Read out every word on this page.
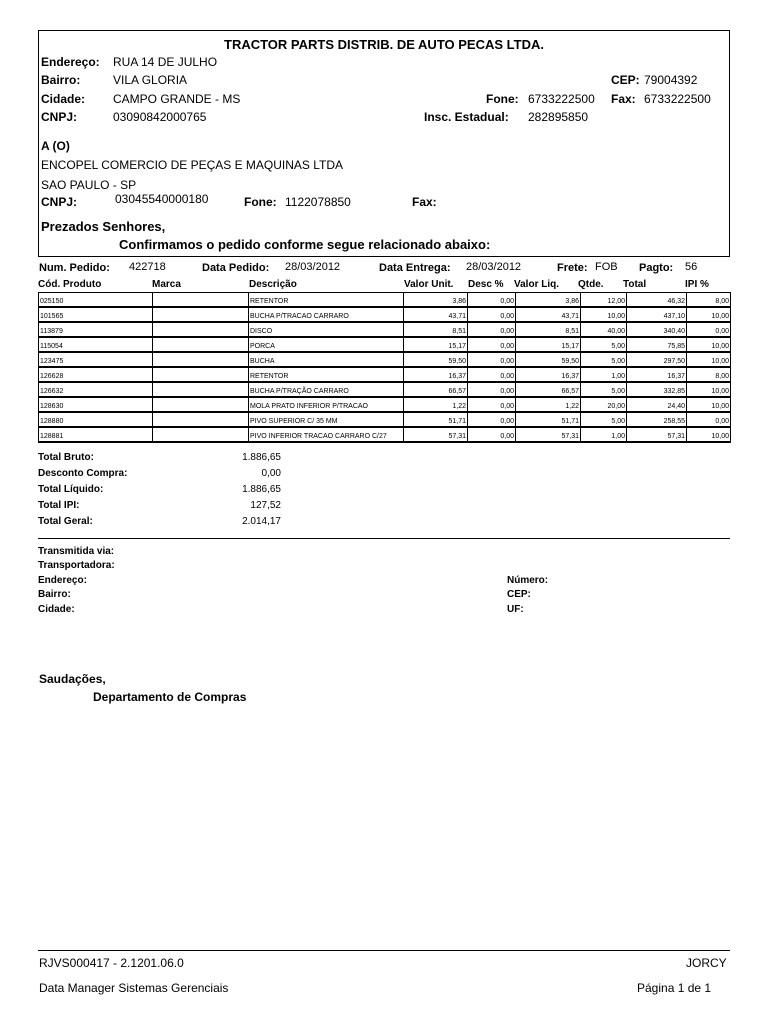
TRACTOR PARTS DISTRIB. DE AUTO PECAS LTDA.
Endereço: RUA 14 DE JULHO
Bairro:	VILA GLORIA	CEP: 79004392
Cidade: CAMPO GRANDE - MS	Fone: 6733222500 Fax: 6733222500
CNPJ:	03090842000765	Insc. Estadual: 282895850
A (O)
ENCOPEL COMERCIO DE PEÇAS E MAQUINAS LTDA
SAO PAULO - SP
CNPJ:	03045540000180	Fone: 1122078850	Fax:
Prezados Senhores,
Confirmamos o pedido conforme segue relacionado abaixo:
Num. Pedido: 422718	Data Pedido: 28/03/2012	Data Entrega: 28/03/2012	Frete: FOB Pagto: 56
Cód. Produto	Marca	Descrição	Valor Unit. Desc % Valor Liq. Qtde. Total	IPI %
025150		RETENTOR	3,86	0,00	3,86	12,00	46,32	8,00
101565		BUCHA P/TRACAO CARRARO	43,71	0,00	43,71	10,00	437,10	10,00
113879		DISCO	8,51	0,00	8,51	40,00	340,40	0,00
115054		PORCA	15,17	0,00	15,17	5,00	75,85	10,00
123475		BUCHA	59,50	0,00	59,50	5,00	297,50	10,00
126628		RETENTOR	16,37	0,00	16,37	1,00	16,37	8,00
126632		BUCHA P/TRAÇÃO CARRARO	66,57	0,00	66,57	5,00	332,85	10,00
128630		MOLA PRATO INFERIOR P/TRACAO	1,22	0,00	1,22	20,00	24,40	10,00
128880		PIVO SUPERIOR C/ 35 MM	51,71	0,00	51,71	5,00	258,55	0,00
128881		PIVO INFERIOR TRACAO CARRARO C/27	57,31	0,00	57,31	1,00	57,31	10,00
Total Bruto:	1.886,65
Desconto Compra:	0,00
Total Líquido:	1.886,65
Total IPI:	127,52
Total Geral:	2.014,17
Transmitida via:
Transportadora:
Endereço:
Bairro:
Cidade:
Número:
CEP:
UF:
Saudações,
Departamento de Compras
RJVS000417 - 2.1201.06.0	JORCY
Data Manager Sistemas Gerenciais	Página 1 de 1
